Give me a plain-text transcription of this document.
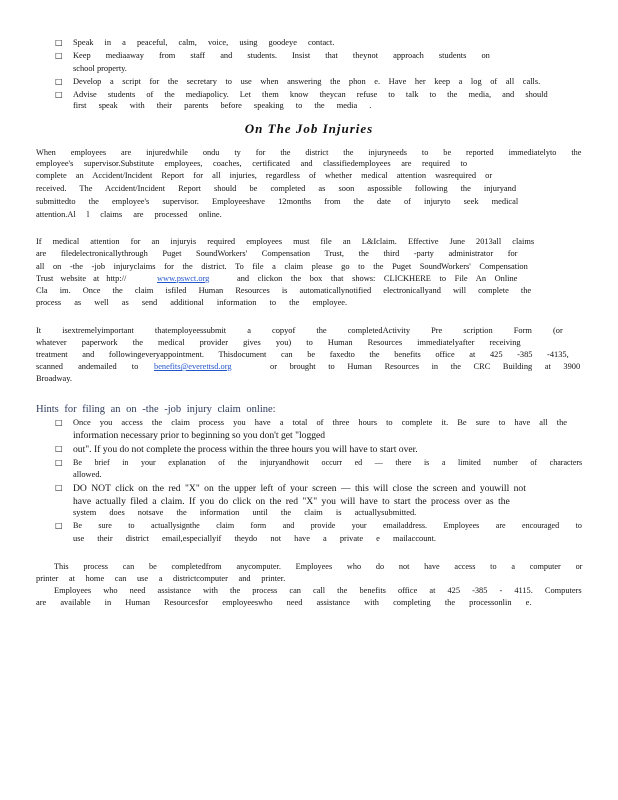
□ Speak in a peaceful, calm, voice, using goodeye contact.
□ Keep mediaaway from staff and students. Insist that theynot approach students on
school property.
□ Develop a script for the secretary to use when answering the phon e. Have her keep a log of all calls.
□ Advise students of the mediapolicy. Let them know theycan refuse to talk to the media, and should
first speak with their parents before speaking to the media .
On The Job Injuries
When employees are injuredwhile ondu ty for the district the injuryneeds to be reported immediatelyto the
employee's supervisor.Substitute employees, coaches, certificated and classifiedemployees are required to
complete an Accident/Incident Report for all injuries, regardless of whether medical attention wasrequired or
received. The Accident/Incident Report should be completed as soon aspossible following the injuryand
submittedto the employee's supervisor. Employeeshave 12months from the date of injuryto seek medical
attention.Al l claims are processed online.
If medical attention for an injuryis required employees must file an L&Iclaim. Effective June 2013all claims
are filedelectronicallythrough Puget SoundWorkers' Compensation Trust, the third -party administrator for
all on -the -job injuryclaims for the district. To file a claim please go to the Puget SoundWorkers' Compensation
Trust website at http://	www.pswct.org	and clickon the box that shows: CLICKHERE to File An Online
Cla im. Once the claim isfiled Human Resources is automaticallynotified electronicallyand will complete the
process as well as send additional information to the employee.
It isextremelyimportant thatemployeessubmit a copyof the completedActivity Pre scription Form (or
whatever paperwork the medical provider gives you) to Human Resources immediatelyafter receiving
treatment and followingeveryappointment. Thisdocument can be faxedto the benefits office at 425 -385 -4135,
scanned andemailed to benefits@everettsd.org	or brought to Human Resources in the CRC Building at 3900
Broadway.
Hints for filing an on -the -job injury claim online:
□ Once you access the claim process you have a total of three hours to complete it. Be sure to have all the
information necessary prior to beginning so you don't get "logged
□ out". If you do not complete the process within the three hours you will have to start over.
□ Be brief in your explanation of the injuryandhowit occurr ed — there is a limited number of characters
allowed.
□ DO NOT click on the red "X" on the upper left of your screen — this will close the screen and youwill not
have actually filed a claim. If you do click on the red "X" you will have to start the process over as the
system does notsave the information until the claim is actuallysubmitted.
□ Be sure to actuallysignthe claim form and provide your emailaddress. Employees are encouraged to
use their district email,especiallyif theydo not have a private e mailaccount.
This process can be completedfrom anycomputer. Employees who do not have access to a computer or
printer at home can use a districtcomputer and printer.
Employees who need assistance with the process can call the benefits office at 425 -385 - 4115. Computers
are available in Human Resourcesfor employeeswho need assistance with completing the processonlin e.
